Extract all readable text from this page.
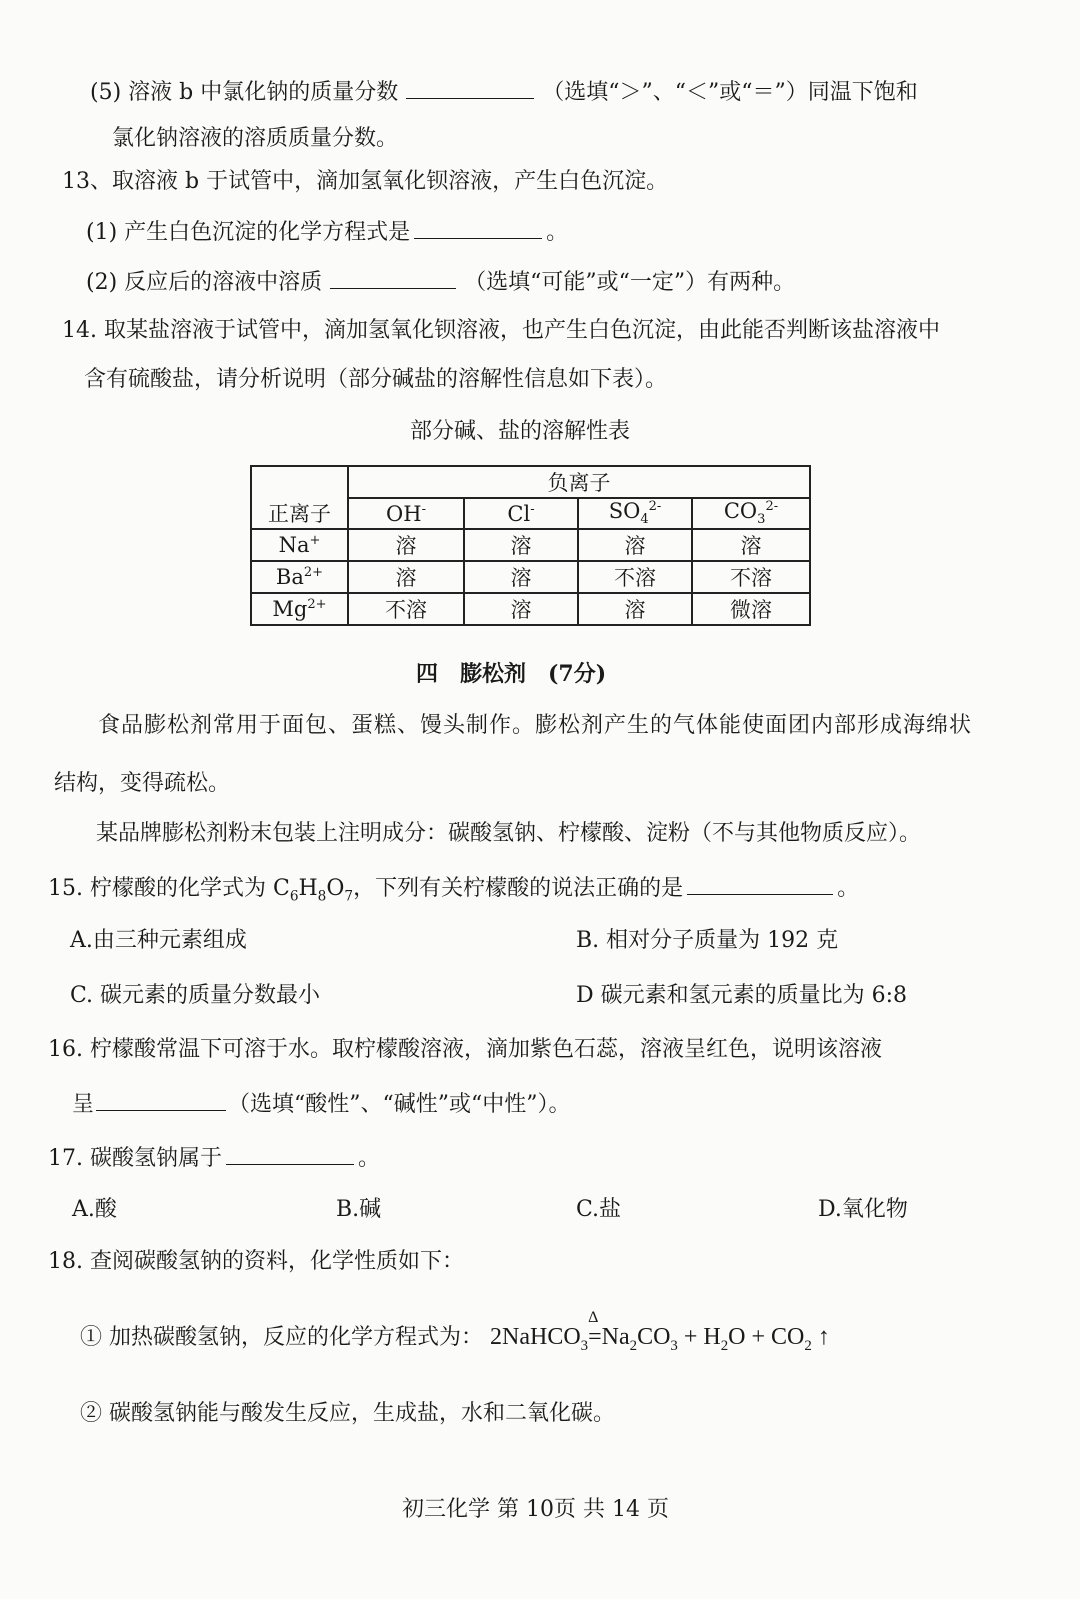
(5) 溶液 b 中氯化钠的质量分数	（选填“＞”、“＜”或“＝”）同温下饱和
氯化钠溶液的溶质质量分数。
13、取溶液 b 于试管中，滴加氢氧化钡溶液，产生白色沉淀。
(1) 产生白色沉淀的化学方程式是	。
(2) 反应后的溶液中溶质	（选填“可能”或“一定”）有两种。
14. 取某盐溶液于试管中，滴加氢氧化钡溶液，也产生白色沉淀，由此能否判断该盐溶液中
含有硫酸盐，请分析说明（部分碱盐的溶解性信息如下表）。
部分碱、盐的溶解性表
	负离子			
正离子	OH-	Cl-	$SO_4^{2-}$	$CO_3^{2-}$
Na+	溶	溶	溶	溶
$Ba^{2+}$	溶	溶	不溶	不溶
$Mg^{2+}$	不溶	溶	溶	微溶
四　膨松剂　(7分)
食品膨松剂常用于面包、蛋糕、馒头制作。膨松剂产生的气体能使面团内部形成海绵状
结构，变得疏松。
某品牌膨松剂粉末包装上注明成分：碳酸氢钠、柠檬酸、淀粉（不与其他物质反应）。
15. 柠檬酸的化学式为 $C_6H_8O_7$，下列有关柠檬酸的说法正确的是	。
A.由三种元素组成	B. 相对分子质量为 192 克
C. 碳元素的质量分数最小	D 碳元素和氢元素的质量比为 6:8
16. 柠檬酸常温下可溶于水。取柠檬酸溶液，滴加紫色石蕊，溶液呈红色，说明该溶液
呈	（选填“酸性”、“碱性”或“中性”）。
17. 碳酸氢钠属于	。
A.酸	B.碱	C.盐	D.氧化物
18. 查阅碳酸氢钠的资料，化学性质如下：
① 加热碳酸氢钠，反应的化学方程式为： 2NaHCO$_3$
Δ
$=Na_2CO_3 + H_2O + CO_2$ ↑
② 碳酸氢钠能与酸发生反应，生成盐，水和二氧化碳。
初三化学 第 10页 共 14 页
